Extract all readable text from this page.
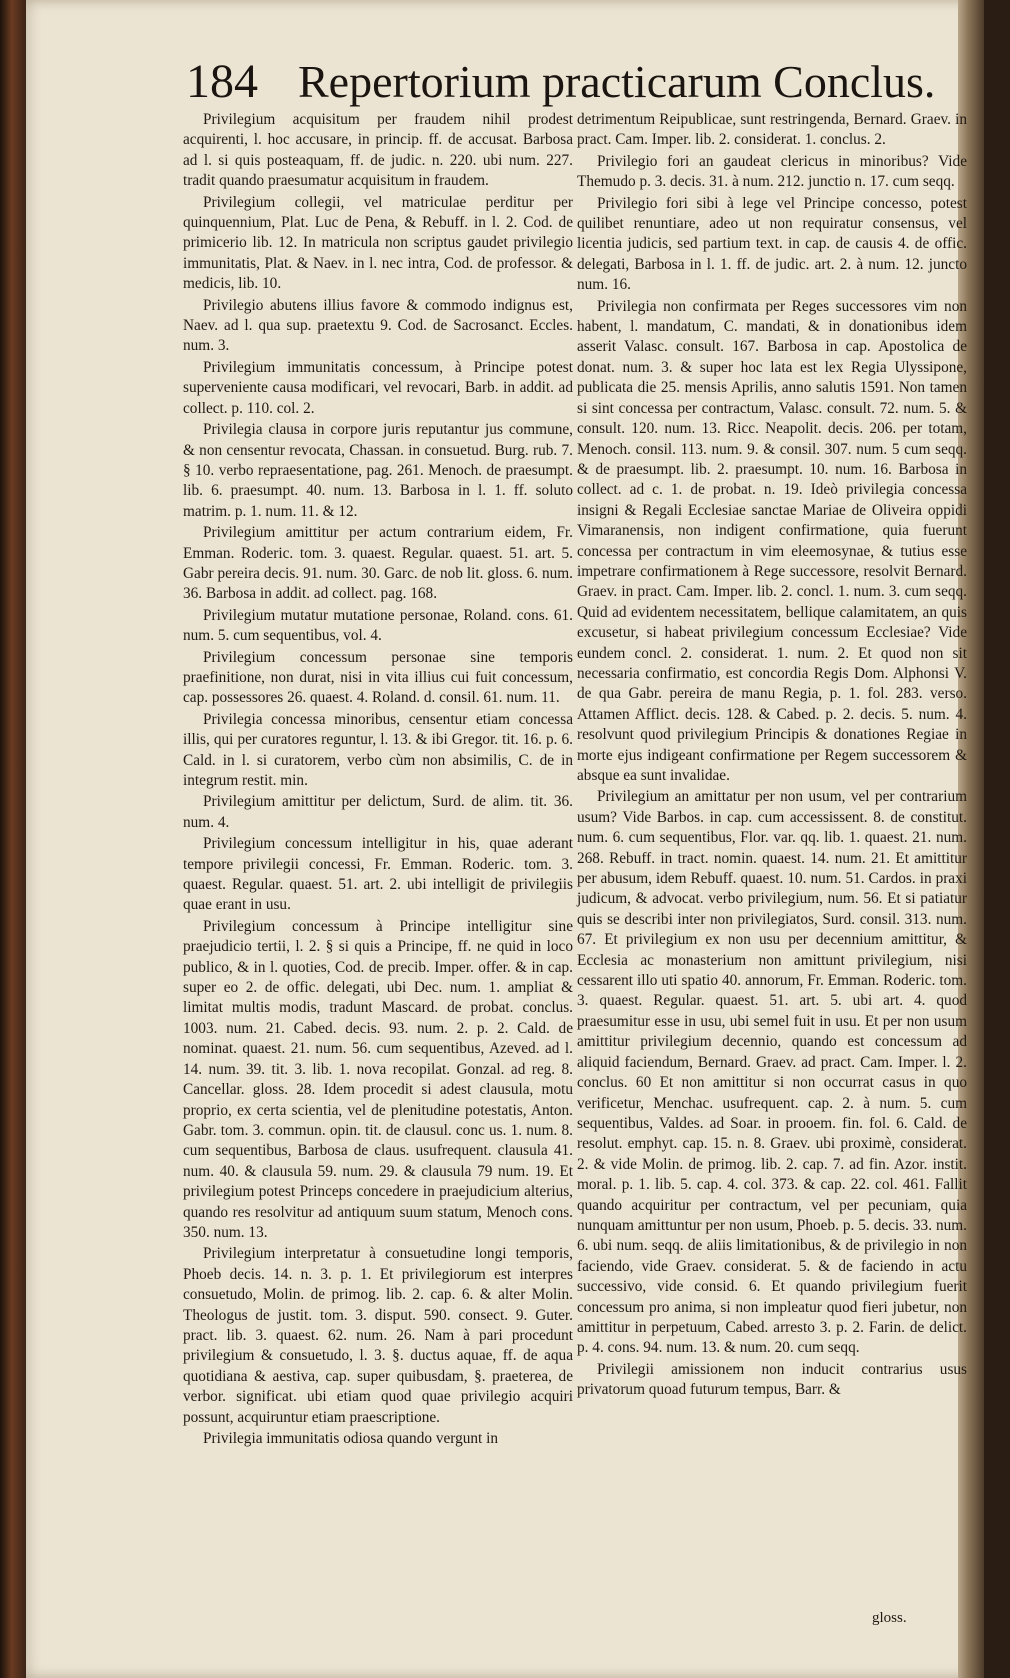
184 Repertorium practicarum Conclus.

Privilegium acquisitum per fraudem nihil prodest acquirenti, l. hoc accusare, in princip. ff. de accusat. Barbosa ad l. si quis posteaquam, ff. de judic. n. 220. ubi num. 227. tradit quando praesumatur acquisitum in fraudem.

Privilegium collegii, vel matriculae perditur per quinquennium, Plat. Luc de Pena, & Rebuff. in l. 2. Cod. de primicerio lib. 12. In matricula non scriptus gaudet privilegio immunitatis, Plat. & Naev. in l. nec intra, Cod. de professor. & medicis, lib. 10.

Privilegio abutens illius favore & commodo indignus est, Naev. ad l. qua sup. praetextu 9. Cod. de Sacrosanct. Eccles. num. 3.

Privilegium immunitatis concessum, à Principe potest superveniente causa modificari, vel revocari, Barb. in addit. ad collect. p. 110. col. 2.

Privilegia clausa in corpore juris reputantur jus commune, & non censentur revocata, Chassan. in consuetud. Burg. rub. 7. § 10. verbo repraesentatione, pag. 261. Menoch. de praesumpt. lib. 6. praesumpt. 40. num. 13. Barbosa in l. 1. ff. soluto matrim. p. 1. num. 11. & 12.

Privilegium amittitur per actum contrarium eidem, Fr. Emman. Roderic. tom. 3. quaest. Regular. quaest. 51. art. 5. Gabr pereira decis. 91. num. 30. Garc. de nob lit. gloss. 6. num. 36. Barbosa in addit. ad collect. pag. 168.

Privilegium mutatur mutatione personae, Roland. cons. 61. num. 5. cum sequentibus, vol. 4.

Privilegium concessum personae sine temporis praefinitione, non durat, nisi in vita illius cui fuit concessum, cap. possessores 26. quaest. 4. Roland. d. consil. 61. num. 11.

Privilegia concessa minoribus, censentur etiam concessa illis, qui per curatores reguntur, l. 13. & ibi Gregor. tit. 16. p. 6. Cald. in l. si curatorem, verbo cùm non absimilis, C. de in integrum restit. min.

Privilegium amittitur per delictum, Surd. de alim. tit. 36. num. 4.

Privilegium concessum intelligitur in his, quae aderant tempore privilegii concessi, Fr. Emman. Roderic. tom. 3. quaest. Regular. quaest. 51. art. 2. ubi intelligit de privilegiis quae erant in usu.

Privilegium concessum à Principe intelligitur sine praejudicio tertii, l. 2. § si quis a Principe, ff. ne quid in loco publico, & in l. quoties, Cod. de precib. Imper. offer. & in cap. super eo 2. de offic. delegati, ubi Dec. num. 1. ampliat & limitat multis modis, tradunt Mascard. de probat. conclus. 1003. num. 21. Cabed. decis. 93. num. 2. p. 2. Cald. de nominat. quaest. 21. num. 56. cum sequentibus, Azeved. ad l. 14. num. 39. tit. 3. lib. 1. nova recopilat. Gonzal. ad reg. 8. Cancellar. gloss. 28. Idem procedit si adest clausula, motu proprio, ex certa scientia, vel de plenitudine potestatis, Anton. Gabr. tom. 3. commun. opin. tit. de clausul. conc us. 1. num. 8. cum sequentibus, Barbosa de claus. usufrequent. clausula 41. num. 40. & clausula 59. num. 29. & clausula 79 num. 19. Et privilegium potest Princeps concedere in praejudicium alterius, quando res resolvitur ad antiquum suum statum, Menoch cons. 350. num. 13.

Privilegium interpretatur à consuetudine longi temporis, Phoeb decis. 14. n. 3. p. 1. Et privilegiorum est interpres consuetudo, Molin. de primog. lib. 2. cap. 6. & alter Molin. Theologus de justit. tom. 3. disput. 590. consect. 9. Guter. pract. lib. 3. quaest. 62. num. 26. Nam à pari procedunt privilegium & consuetudo, l. 3. §. ductus aquae, ff. de aqua quotidiana & aestiva, cap. super quibusdam, §. praeterea, de verbor. significat. ubi etiam quod quae privilegio acquiri possunt, acquiruntur etiam praescriptione.

Privilegia immunitatis odiosa quando vergunt in

detrimentum Reipublicae, sunt restringenda, Bernard. Graev. in pract. Cam. Imper. lib. 2. considerat. 1. conclus. 2.

Privilegio fori an gaudeat clericus in minoribus? Vide Themudo p. 3. decis. 31. à num. 212. junctio n. 17. cum seqq.

Privilegio fori sibi à lege vel Principe concesso, potest quilibet renuntiare, adeo ut non requiratur consensus, vel licentia judicis, sed partium text. in cap. de causis 4. de offic. delegati, Barbosa in l. 1. ff. de judic. art. 2. à num. 12. juncto num. 16.

Privilegia non confirmata per Reges successores vim non habent, l. mandatum, C. mandati, & in donationibus idem asserit Valasc. consult. 167. Barbosa in cap. Apostolica de donat. num. 3. & super hoc lata est lex Regia Ulyssipone, publicata die 25. mensis Aprilis, anno salutis 1591. Non tamen si sint concessa per contractum, Valasc. consult. 72. num. 5. & consult. 120. num. 13. Ricc. Neapolit. decis. 206. per totam, Menoch. consil. 113. num. 9. & consil. 307. num. 5 cum seqq. & de praesumpt. lib. 2. praesumpt. 10. num. 16. Barbosa in collect. ad c. 1. de probat. n. 19. Ideò privilegia concessa insigni & Regali Ecclesiae sanctae Mariae de Oliveira oppidi Vimaranensis, non indigent confirmatione, quia fuerunt concessa per contractum in vim eleemosynae, & tutius esse impetrare confirmationem à Rege successore, resolvit Bernard. Graev. in pract. Cam. Imper. lib. 2. concl. 1. num. 3. cum seqq. Quid ad evidentem necessitatem, bellique calamitatem, an quis excusetur, si habeat privilegium concessum Ecclesiae? Vide eundem concl. 2. considerat. 1. num. 2. Et quod non sit necessaria confirmatio, est concordia Regis Dom. Alphonsi V. de qua Gabr. pereira de manu Regia, p. 1. fol. 283. verso. Attamen Afflict. decis. 128. & Cabed. p. 2. decis. 5. num. 4. resolvunt quod privilegium Principis & donationes Regiae in morte ejus indigeant confirmatione per Regem successorem & absque ea sunt invalidae.

Privilegium an amittatur per non usum, vel per contrarium usum? Vide Barbos. in cap. cum accessissent. 8. de constitut. num. 6. cum sequentibus, Flor. var. qq. lib. 1. quaest. 21. num. 268. Rebuff. in tract. nomin. quaest. 14. num. 21. Et amittitur per abusum, idem Rebuff. quaest. 10. num. 51. Cardos. in praxi judicum, & advocat. verbo privilegium, num. 56. Et si patiatur quis se describi inter non privilegiatos, Surd. consil. 313. num. 67. Et privilegium ex non usu per decennium amittitur, & Ecclesia ac monasterium non amittunt privilegium, nisi cessarent illo uti spatio 40. annorum, Fr. Emman. Roderic. tom. 3. quaest. Regular. quaest. 51. art. 5. ubi art. 4. quod praesumitur esse in usu, ubi semel fuit in usu. Et per non usum amittitur privilegium decennio, quando est concessum ad aliquid faciendum, Bernard. Graev. ad pract. Cam. Imper. l. 2. conclus. 60 Et non amittitur si non occurrat casus in quo verificetur, Menchac. usufrequent. cap. 2. à num. 5. cum sequentibus, Valdes. ad Soar. in prooem. fin. fol. 6. Cald. de resolut. emphyt. cap. 15. n. 8. Graev. ubi proximè, considerat. 2. & vide Molin. de primog. lib. 2. cap. 7. ad fin. Azor. instit. moral. p. 1. lib. 5. cap. 4. col. 373. & cap. 22. col. 461. Fallit quando acquiritur per contractum, vel per pecuniam, quia nunquam amittuntur per non usum, Phoeb. p. 5. decis. 33. num. 6. ubi num. seqq. de aliis limitationibus, & de privilegio in non faciendo, vide Graev. considerat. 5. & de faciendo in actu successivo, vide consid. 6. Et quando privilegium fuerit concessum pro anima, si non impleatur quod fieri jubetur, non amittitur in perpetuum, Cabed. arresto 3. p. 2. Farin. de delict. p. 4. cons. 94. num. 13. & num. 20. cum seqq.

Privilegii amissionem non inducit contrarius usus privatorum quoad futurum tempus, Barr. &

gloss.
